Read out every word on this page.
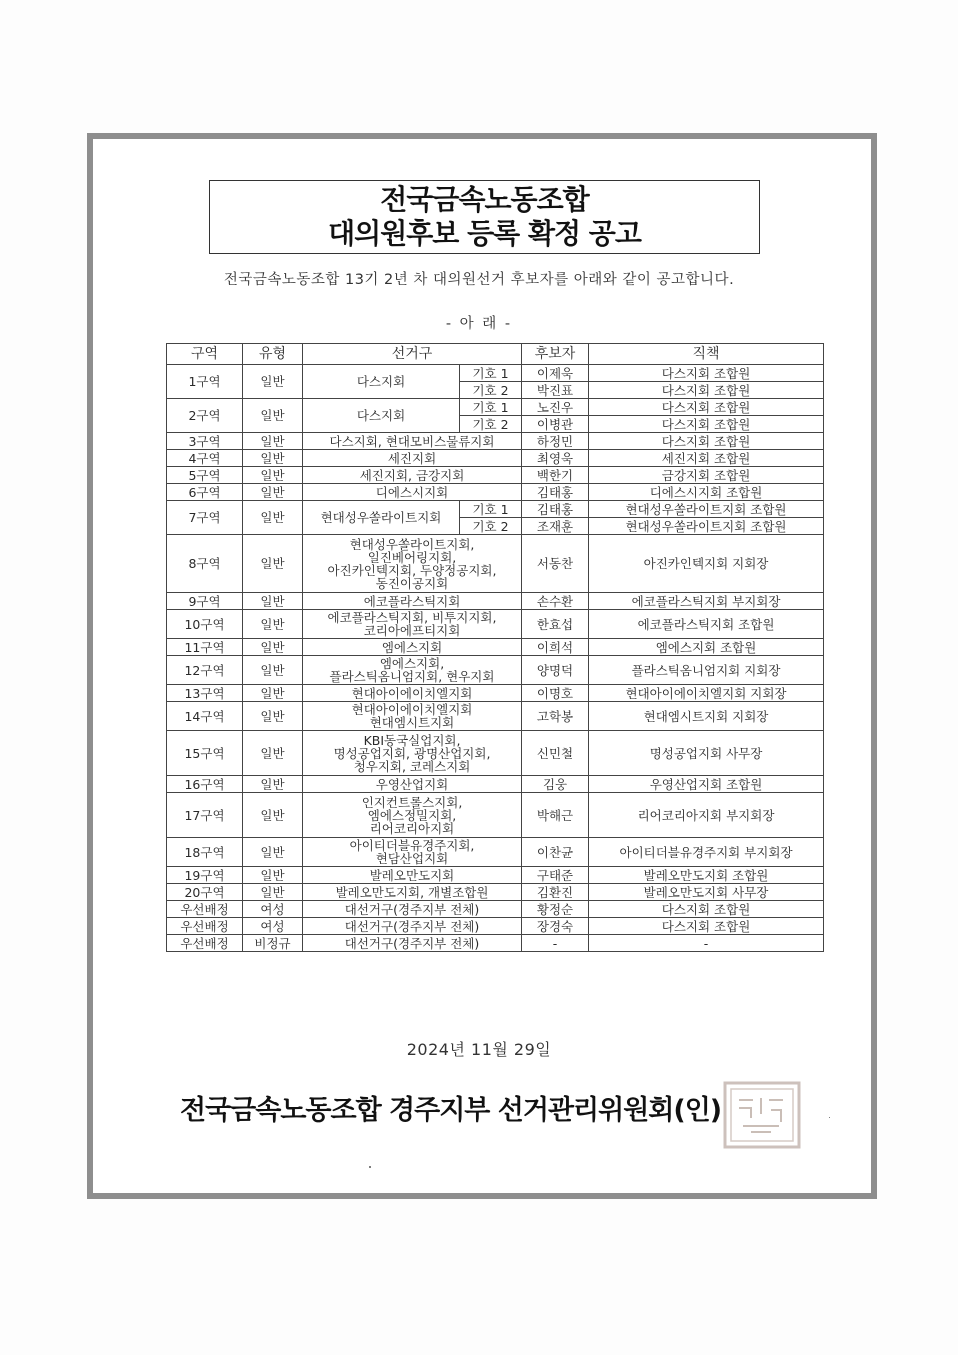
전국금속노동조합
대의원후보 등록 확정 공고
전국금속노동조합 13기 2년 차 대의원선거 후보자를 아래와 같이 공고합니다.
- 아 래 -
구역	유형	선거구		후보자	직책
1구역	일반	다스지회	기호 1	이제욱	다스지회 조합원
			기호 2	박진표	다스지회 조합원
2구역	일반	다스지회	기호 1	노진우	다스지회 조합원
			기호 2	이병관	다스지회 조합원
3구역	일반	다스지회, 현대모비스물류지회		하정민	다스지회 조합원
4구역	일반	세진지회		최영욱	세진지회 조합원
5구역	일반	세진지회, 금강지회		백한기	금강지회 조합원
6구역	일반	디에스시지회		김태홍	디에스시지회 조합원
7구역	일반	현대성우쏠라이트지회	기호 1	김태홍	현대성우쏠라이트지회 조합원
			기호 2	조재훈	현대성우쏠라이트지회 조합원
8구역	일반	현대성우쏠라이트지회,
일진베어링지회,
아진카인텍지회, 두양정공지회,
동진이공지회		서동찬	아진카인텍지회 지회장
9구역	일반	에코플라스틱지회		손수환	에코플라스틱지회 부지회장
10구역	일반	에코플라스틱지회, 비투지지회,
코리아에프티지회		한효섭	에코플라스틱지회 조합원
11구역	일반	엠에스지회		이희석	엠에스지회 조합원
12구역	일반	엠에스지회,
플라스틱옴니엄지회, 현우지회		양명덕	플라스틱옴니엄지회 지회장
13구역	일반	현대아이에이치엘지회		이명호	현대아이에이치엘지회 지회장
14구역	일반	현대아이에이치엘지회
현대엠시트지회		고학봉	현대엠시트지회 지회장
15구역	일반	KBI동국실업지회,
명성공업지회, 광명산업지회,
청우지회, 코레스지회		신민철	명성공업지회 사무장
16구역	일반	우영산업지회		김웅	우영산업지회 조합원
17구역	일반	인지컨트롤스지회,
엠에스정밀지회,
리어코리아지회		박해근	리어코리아지회 부지회장
18구역	일반	아이티더블유경주지회,
현담산업지회		이찬균	아이티더블유경주지회 부지회장
19구역	일반	발레오만도지회		구태준	발레오만도지회 조합원
20구역	일반	발레오만도지회, 개별조합원		김환진	발레오만도지회 사무장
우선배정	여성	대선거구(경주지부 전체)		황정순	다스지회 조합원
우선배정	여성	대선거구(경주지부 전체)		장경숙	다스지회 조합원
우선배정	비정규	대선거구(경주지부 전체)		-	-
2024년 11월 29일
전국금속노동조합 경주지부 선거관리위원회(인)
